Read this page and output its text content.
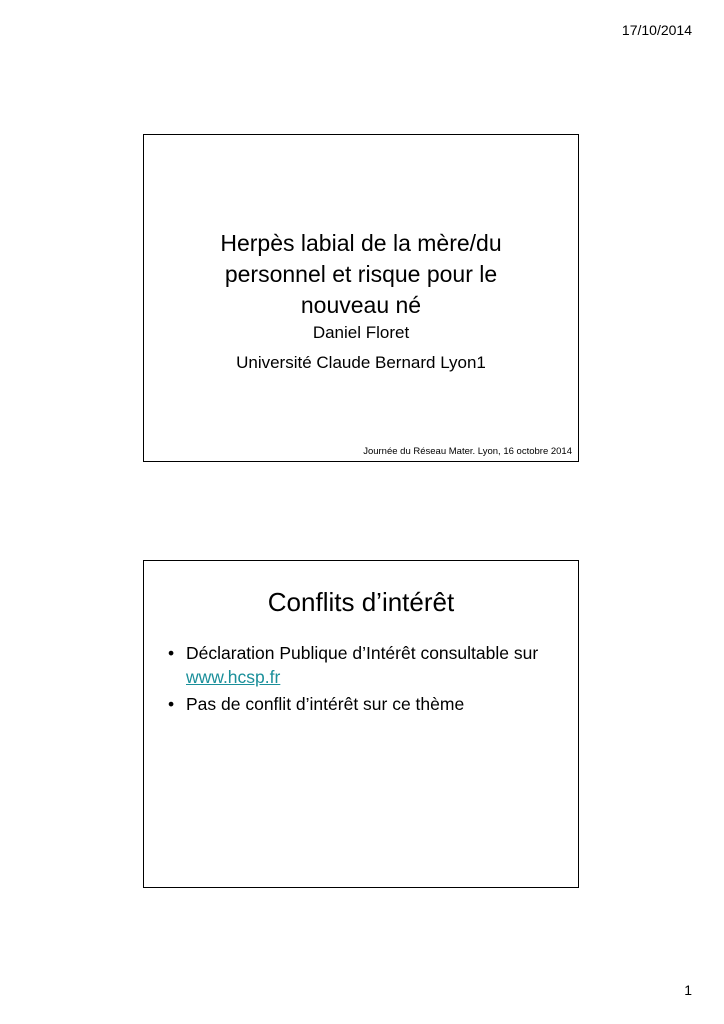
17/10/2014
Herpès labial de la mère/du personnel et risque pour le nouveau né
Daniel Floret
Université Claude Bernard Lyon1
Journée du Réseau Mater. Lyon, 16 octobre 2014
Conflits d’intérêt
• Déclaration Publique d’Intérêt consultable sur www.hcsp.fr
• Pas de conflit d’intérêt sur ce thème
1
